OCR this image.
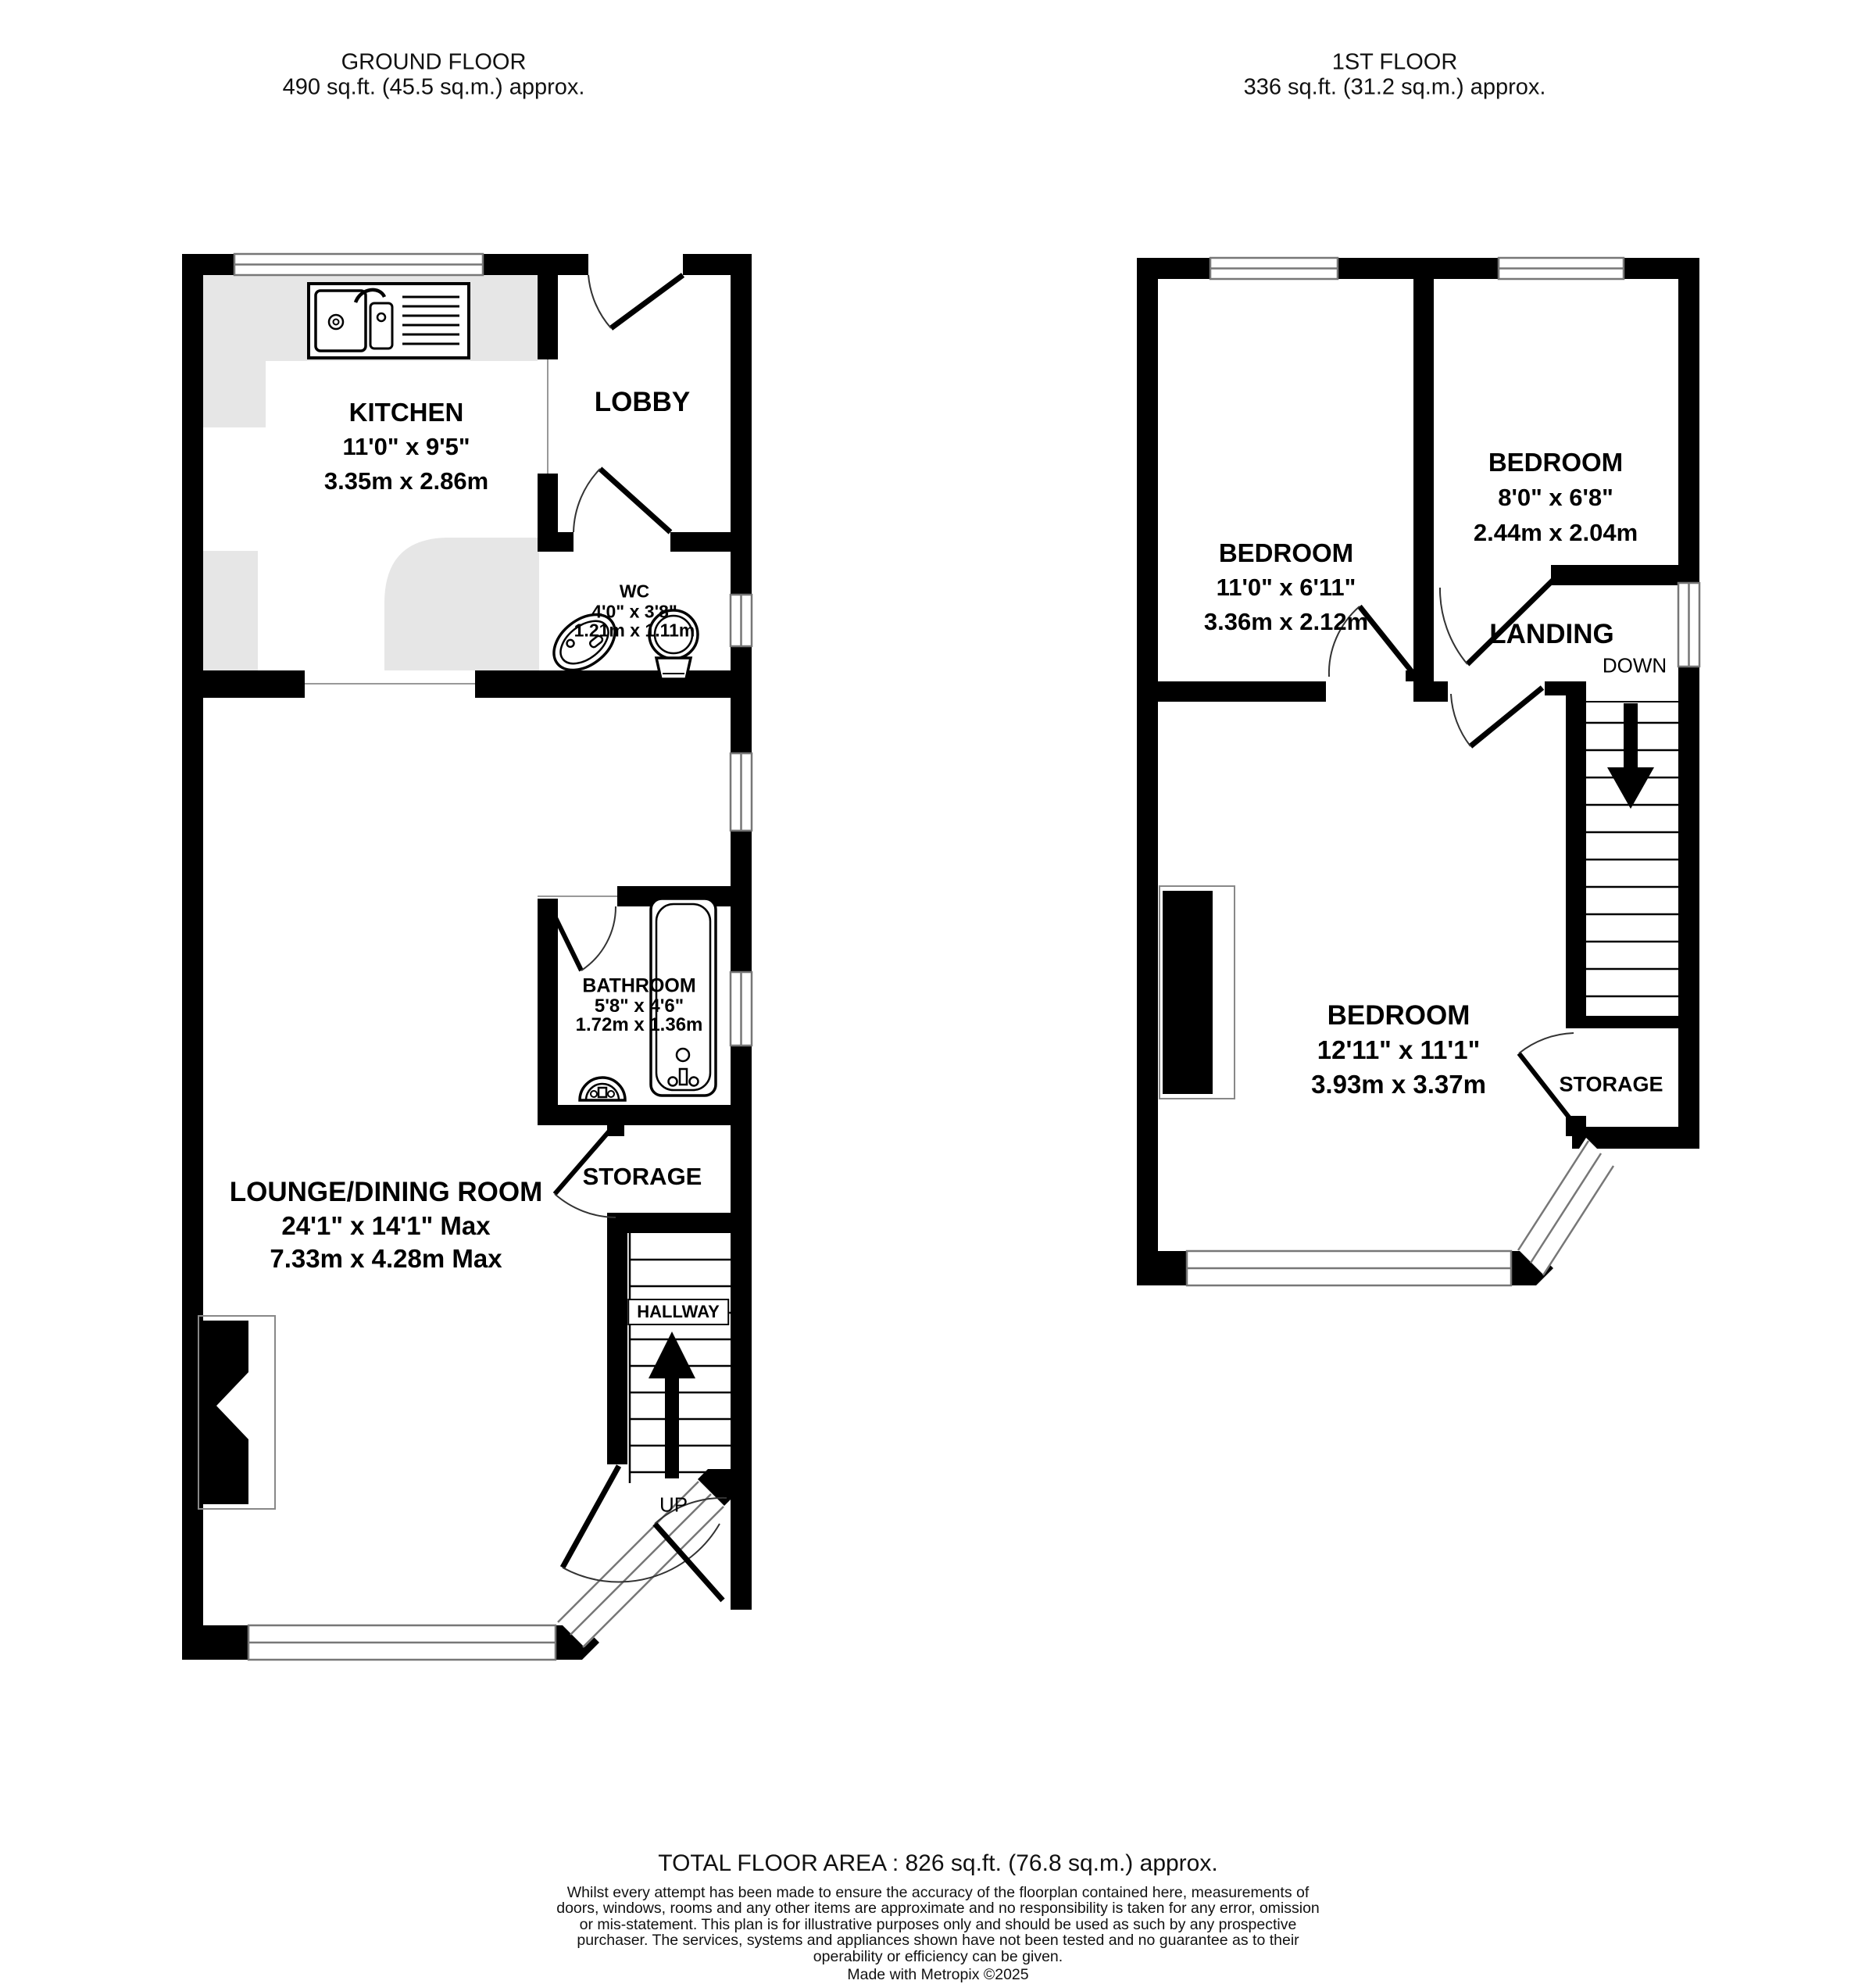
GROUND FLOOR
490 sq.ft. (45.5 sq.m.) approx.
1ST FLOOR
336 sq.ft. (31.2 sq.m.) approx.
KITCHEN
11'0" x 9'5"
3.35m x 2.86m
LOBBY
WC
4'0" x 3'8"
1.21m x 1.11m
BATHROOM
5'8" x 4'6"
1.72m x 1.36m
LOUNGE/DINING ROOM
24'1" x 14'1" Max
7.33m x 4.28m Max
STORAGE
HALLWAY
UP
BEDROOM
11'0" x 6'11"
3.36m x 2.12m
BEDROOM
8'0" x 6'8"
2.44m x 2.04m
LANDING
DOWN
BEDROOM
12'11" x 11'1"
3.93m x 3.37m	STORAGE
TOTAL FLOOR AREA : 826 sq.ft. (76.8 sq.m.) approx.
Whilst every attempt has been made to ensure the accuracy of the floorplan contained here, measurements of doors, windows, rooms and any other items are approximate and no responsibility is taken for any error, omission or mis-statement. This plan is for illustrative purposes only and should be used as such by any prospective purchaser. The services, systems and appliances shown have not been tested and no guarantee as to their operability or efficiency can be given.
Made with Metropix ©2025
